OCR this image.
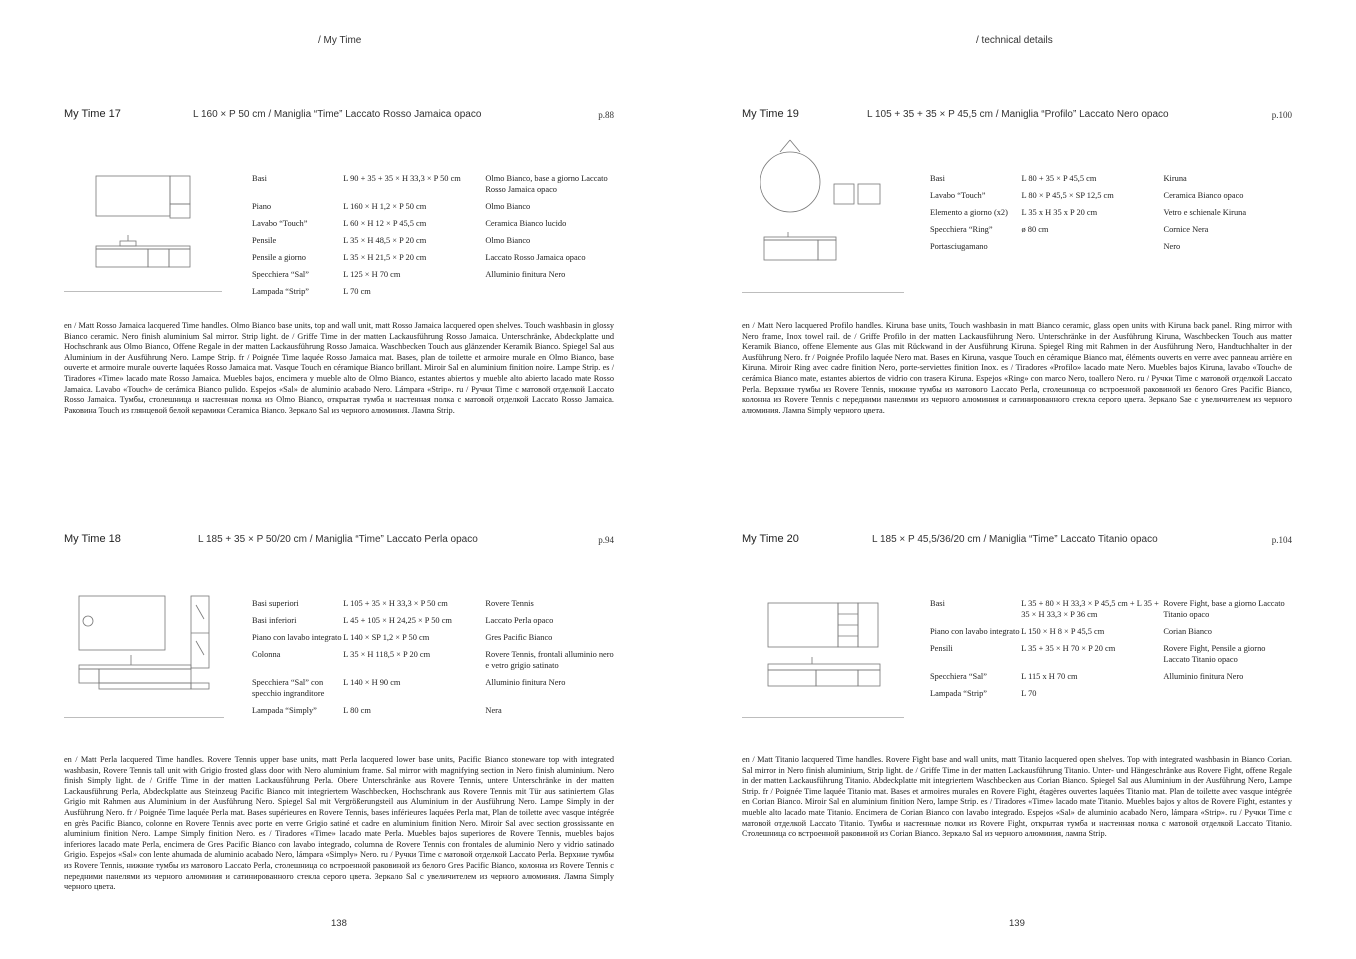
/ My Time
My Time 17	L 160 × P 50 cm / Maniglia “Time” Laccato Rosso Jamaica opaco	p.88
Basi	L 90 + 35 + 35 × H 33,3 × P 50 cm	Olmo Bianco, base a giorno Laccato Rosso Jamaica opaco
Piano	L 160 × H 1,2 × P 50 cm	Olmo Bianco
Lavabo “Touch”	L 60 × H 12 × P 45,5 cm	Ceramica Bianco lucido
Pensile	L 35 × H 48,5 × P 20 cm	Olmo Bianco
Pensile a giorno	L 35 × H 21,5 × P 20 cm	Laccato Rosso Jamaica opaco
Specchiera “Sal”	L 125 × H 70 cm	Alluminio finitura Nero
Lampada “Strip”	L 70 cm	

en / Matt Rosso Jamaica lacquered Time handles. Olmo Bianco base units, top and wall unit, matt Rosso Jamaica lacquered open shelves. Touch washbasin in glossy Bianco ceramic. Nero finish aluminium Sal mirror. Strip light. de / Griffe Time in der matten Lackausführung Rosso Jamaica. Unterschränke, Abdeckplatte und Hochschrank aus Olmo Bianco, Offene Regale in der matten Lackausführung Rosso Jamaica. Waschbecken Touch aus glänzender Keramik Bianco. Spiegel Sal aus Aluminium in der Ausführung Nero. Lampe Strip. fr / Poignée Time laquée Rosso Jamaica mat. Bases, plan de toilette et armoire murale en Olmo Bianco, base ouverte et armoire murale ouverte laquées Rosso Jamaica mat. Vasque Touch en céramique Bianco brillant. Miroir Sal en aluminium finition noire. Lampe Strip. es / Tiradores «Time» lacado mate Rosso Jamaica. Muebles bajos, encimera y mueble alto de Olmo Bianco, estantes abiertos y mueble alto abierto lacado mate Rosso Jamaica. Lavabo «Touch» de cerámica Bianco pulido. Espejos «Sal» de aluminio acabado Nero. Lámpara «Strip». ru / Ручки Time с матовой отделкой Laccato Rosso Jamaica. Тумбы, столешница и настенная полка из Olmo Bianco, открытая тумба и настенная полка с матовой отделкой Laccato Rosso Jamaica. Раковина Touch из глянцевой белой керамики Ceramica Bianco. Зеркало Sal из черного алюминия. Лампа Strip.

My Time 18	L 185 + 35 × P 50/20 cm / Maniglia “Time” Laccato Perla opaco	p.94
Basi superiori	L 105 + 35 × H 33,3 × P 50 cm	Rovere Tennis
Basi inferiori	L 45 + 105 × H 24,25 × P 50 cm	Laccato Perla opaco
Piano con lavabo integrato	L 140 × SP 1,2 × P 50 cm	Gres Pacific Bianco
Colonna	L 35 × H 118,5 × P 20 cm	Rovere Tennis, frontali alluminio nero e vetro grigio satinato
Specchiera “Sal” con specchio ingranditore	L 140 × H 90 cm	Alluminio finitura Nero
Lampada “Simply”	L 80 cm	Nera

en / Matt Perla lacquered Time handles. Rovere Tennis upper base units, matt Perla lacquered lower base units, Pacific Bianco stoneware top with integrated washbasin, Rovere Tennis tall unit with Grigio frosted glass door with Nero aluminium frame. Sal mirror with magnifying section in Nero finish aluminium. Nero finish Simply light. de / Griffe Time in der matten Lackausführung Perla. Obere Unterschränke aus Rovere Tennis, untere Unterschränke in der matten Lackausführung Perla, Abdeckplatte aus Steinzeug Pacific Bianco mit integriertem Waschbecken, Hochschrank aus Rovere Tennis mit Tür aus satiniertem Glas Grigio mit Rahmen aus Aluminium in der Ausführung Nero. Spiegel Sal mit Vergrößerungsteil aus Aluminium in der Ausführung Nero. Lampe Simply in der Ausführung Nero. fr / Poignée Time laquée Perla mat. Bases supérieures en Rovere Tennis, bases inférieures laquées Perla mat, Plan de toilette avec vasque intégrée en grès Pacific Bianco, colonne en Rovere Tennis avec porte en verre Grigio satiné et cadre en aluminium finition Nero. Miroir Sal avec section grossissante en aluminium finition Nero. Lampe Simply finition Nero. es / Tiradores «Time» lacado mate Perla. Muebles bajos superiores de Rovere Tennis, muebles bajos inferiores lacado mate Perla, encimera de Gres Pacific Bianco con lavabo integrado, columna de Rovere Tennis con frontales de aluminio Nero y vidrio satinado Grigio. Espejos «Sal» con lente ahumada de aluminio acabado Nero, lámpara «Simply» Nero. ru / Ручки Time с матовой отделкой Laccato Perla. Верхние тумбы из Rovere Tennis, нижние тумбы из матового Laccato Perla, столешница со встроенной раковиной из белого Gres Pacific Bianco, колонна из Rovere Tennis с передними панелями из черного алюминия и сатинированного стекла серого цвета. Зеркало Sal с увеличителем из черного алюминия. Лампа Simply черного цвета.

138
/ technical details
My Time 19	L 105 + 35 + 35 × P 45,5 cm / Maniglia “Profilo” Laccato Nero opaco	p.100
Basi	L 80 + 35 × P 45,5 cm	Kiruna
Lavabo “Touch”	L 80 × P 45,5 × SP 12,5 cm	Ceramica Bianco opaco
Elemento a giorno (x2)	L 35 x H 35 x P 20 cm	Vetro e schienale Kiruna
Specchiera “Ring”	ø 80 cm	Cornice Nera
Portasciugamano		Nero

en / Matt Nero lacquered Profilo handles. Kiruna base units, Touch washbasin in matt Bianco ceramic, glass open units with Kiruna back panel. Ring mirror with Nero frame, Inox towel rail. de / Griffe Profilo in der matten Lackausführung Nero. Unterschränke in der Ausführung Kiruna, Waschbecken Touch aus matter Keramik Bianco, offene Elemente aus Glas mit Rückwand in der Ausführung Kiruna. Spiegel Ring mit Rahmen in der Ausführung Nero, Handtuchhalter in der Ausführung Nero. fr / Poignée Profilo laquée Nero mat. Bases en Kiruna, vasque Touch en céramique Bianco mat, éléments ouverts en verre avec panneau arrière en Kiruna. Miroir Ring avec cadre finition Nero, porte-serviettes finition Inox. es / Tiradores «Profilo» lacado mate Nero. Muebles bajos Kiruna, lavabo «Touch» de cerámica Bianco mate, estantes abiertos de vidrio con trasera Kiruna. Espejos «Ring» con marco Nero, toallero Nero. ru / Ручки Time с матовой отделкой Laccato Perla. Верхние тумбы из Rovere Tennis, нижние тумбы из матового Laccato Perla, столешница со встроенной раковиной из белого Gres Pacific Bianco, колонна из Rovere Tennis с передними панелями из черного алюминия и сатинированного стекла серого цвета. Зеркало Sae с увеличителем из черного алюминия. Лампа Simply черного цвета.

My Time 20	L 185 × P 45,5/36/20 cm / Maniglia “Time” Laccato Titanio opaco	p.104
Basi	L 35 + 80 × H 33,3 × P 45,5 cm + L 35 + 35 × H 33,3 × P 36 cm	Rovere Fight, base a giorno Laccato Titanio opaco
Piano con lavabo integrato	L 150 × H 8 × P 45,5 cm	Corian Bianco
Pensili	L 35 + 35 × H 70 × P 20 cm	Rovere Fight, Pensile a giorno Laccato Titanio opaco
Specchiera “Sal”	L 115 x H 70 cm	Alluminio finitura Nero
Lampada “Strip”	L 70	

en / Matt Titanio lacquered Time handles. Rovere Fight base and wall units, matt Titanio lacquered open shelves. Top with integrated washbasin in Bianco Corian. Sal mirror in Nero finish aluminium, Strip light. de / Griffe Time in der matten Lackausführung Titanio. Unter- und Hängeschränke aus Rovere Fight, offene Regale in der matten Lackausführung Titanio. Abdeckplatte mit integriertem Waschbecken aus Corian Bianco. Spiegel Sal aus Aluminium in der Ausführung Nero, Lampe Strip. fr / Poignée Time laquée Titanio mat. Bases et armoires murales en Rovere Fight, étagères ouvertes laquées Titanio mat. Plan de toilette avec vasque intégrée en Corian Bianco. Miroir Sal en aluminium finition Nero, lampe Strip. es / Tiradores «Time» lacado mate Titanio. Muebles bajos y altos de Rovere Fight, estantes y mueble alto lacado mate Titanio. Encimera de Corian Bianco con lavabo integrado. Espejos «Sal» de aluminio acabado Nero, lámpara «Strip». ru / Ручки Time с матовой отделкой Laccato Titanio. Тумбы и настенные полки из Rovere Fight, открытая тумба и настенная полка с матовой отделкой Laccato Titanio. Столешница со встроенной раковиной из Corian Bianco. Зеркало Sal из черного алюминия, лампа Strip.

139
